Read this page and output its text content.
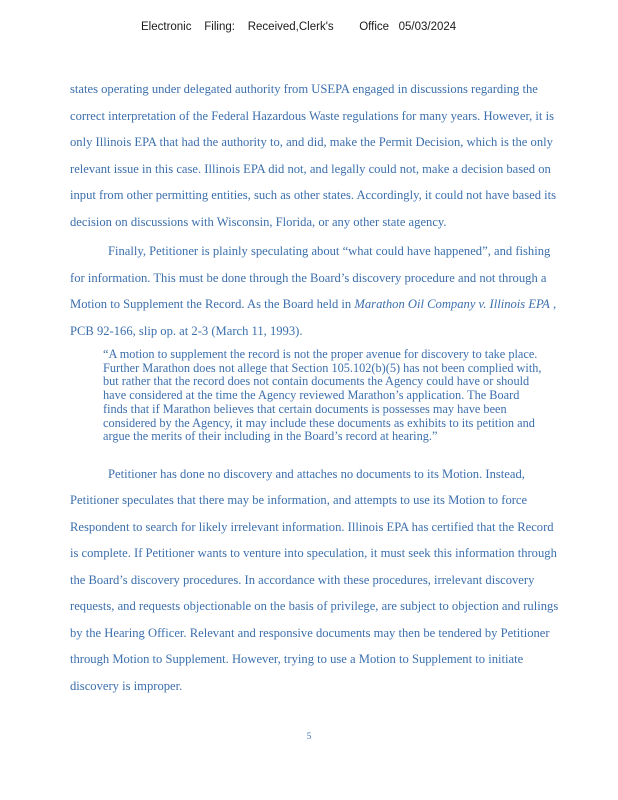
Electronic    Filing:    Received,Clerk's        Office   05/03/2024
states operating under delegated authority from USEPA engaged in discussions regarding the
correct interpretation of the Federal Hazardous Waste regulations for many years. However, it is
only Illinois EPA that had the authority to, and did, make the Permit Decision, which is the only
relevant issue in this case. Illinois EPA did not, and legally could not, make a decision based on
input from other permitting entities, such as other states. Accordingly, it could not have based its
decision on discussions with Wisconsin, Florida, or any other state agency.
Finally, Petitioner is plainly speculating about “what could have happened”, and fishing
for information. This must be done through the Board’s discovery procedure and not through a
Motion to Supplement the Record. As the Board held in Marathon Oil Company v. Illinois EPA ,
PCB 92-166, slip op. at 2-3 (March 11, 1993).
“A motion to supplement the record is not the proper avenue for discovery to take place.
Further Marathon does not allege that Section 105.102(b)(5) has not been complied with,
but rather that the record does not contain documents the Agency could have or should
have considered at the time the Agency reviewed Marathon’s application. The Board
finds that if Marathon believes that certain documents is possesses may have been
considered by the Agency, it may include these documents as exhibits to its petition and
argue the merits of their including in the Board’s record at hearing.”
Petitioner has done no discovery and attaches no documents to its Motion. Instead,
Petitioner speculates that there may be information, and attempts to use its Motion to force
Respondent to search for likely irrelevant information. Illinois EPA has certified that the Record
is complete. If Petitioner wants to venture into speculation, it must seek this information through
the Board’s discovery procedures. In accordance with these procedures, irrelevant discovery
requests, and requests objectionable on the basis of privilege, are subject to objection and rulings
by the Hearing Officer. Relevant and responsive documents may then be tendered by Petitioner
through Motion to Supplement. However, trying to use a Motion to Supplement to initiate
discovery is improper.
5
